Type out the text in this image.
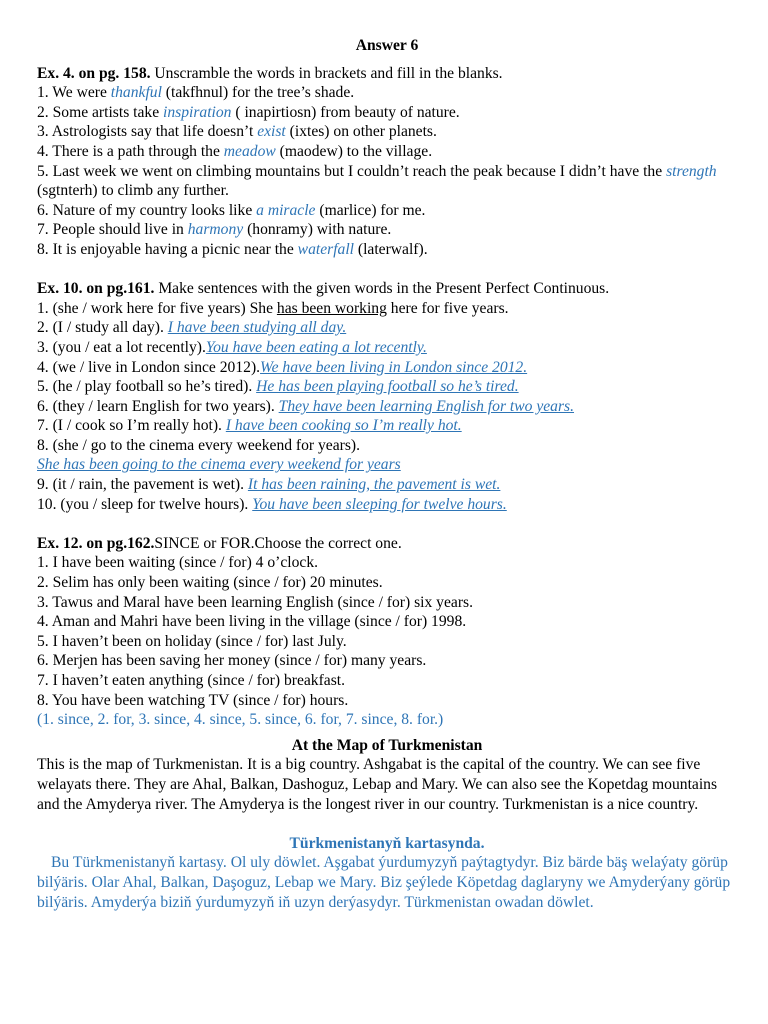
Answer 6

Ex. 4. on pg. 158. Unscramble the words in brackets and fill in the blanks.

1. We were thankful (takfhnul) for the tree’s shade.

2. Some artists take inspiration ( inapirtiosn) from beauty of nature.

3. Astrologists say that life doesn’t exist (ixtes) on other planets.

4. There is a path through the meadow (maodew) to the village.

5. Last week we went on climbing mountains but I couldn’t reach the peak because I didn’t have the strength (sgtnterh) to climb any further.

6. Nature of my country looks like a miracle (marlice) for me.

7. People should live in harmony (honramy) with nature.

8. It is enjoyable having a picnic near the waterfall (laterwalf).

Ex. 10. on pg.161. Make sentences with the given words in the Present Perfect Continuous.

1. (she / work here for five years) She has been working here for five years.

2. (I / study all day). I have been studying all day.

3. (you / eat a lot recently).You have been eating a lot recently.

4. (we / live in London since 2012).We have been living in London since 2012.

5. (he / play football so he’s tired). He has been playing football so he’s tired.

6. (they / learn English for two years). They have been learning English for two years.

7. (I / cook so I’m really hot). I have been cooking so I’m really hot.

8. (she / go to the cinema every weekend for years).

She has been going to the cinema every weekend for years

9. (it / rain, the pavement is wet). It has been raining, the pavement is wet.

10. (you / sleep for twelve hours). You have been sleeping for twelve hours.

Ex. 12. on pg.162.SINCE or FOR.Choose the correct one.

1. I have been waiting (since / for) 4 o’clock.

2. Selim has only been waiting (since / for) 20 minutes.

3. Tawus and Maral have been learning English (since / for) six years.

4. Aman and Mahri have been living in the village (since / for) 1998.

5. I haven’t been on holiday (since / for) last July.

6. Merjen has been saving her money (since / for) many years.

7. I haven’t eaten anything (since / for) breakfast.

8. You have been watching TV (since / for) hours.

(1. since, 2. for, 3. since, 4. since, 5. since, 6. for, 7. since, 8. for.)

At the Map of Turkmenistan

This is the map of Turkmenistan. It is a big country. Ashgabat is the capital of the country. We can see five welayats there. They are Ahal, Balkan, Dashoguz, Lebap and Mary. We can also see the Kopetdag mountains and the Amyderya river. The Amyderya is the longest river in our country. Turkmenistan is a nice country.

Türkmenistanyň kartasynda.

Bu Türkmenistanyň kartasy. Ol uly döwlet. Aşgabat ýurdumyzyň paýtagtydyr. Biz bärde bäş welaýaty görüp bilýäris. Olar Ahal, Balkan, Daşoguz, Lebap we Mary. Biz şeýlede Köpetdag daglaryny we Amyderýany görüp bilýäris. Amyderýa biziň ýurdumyzyň iň uzyn derýasydyr. Türkmenistan owadan döwlet.
